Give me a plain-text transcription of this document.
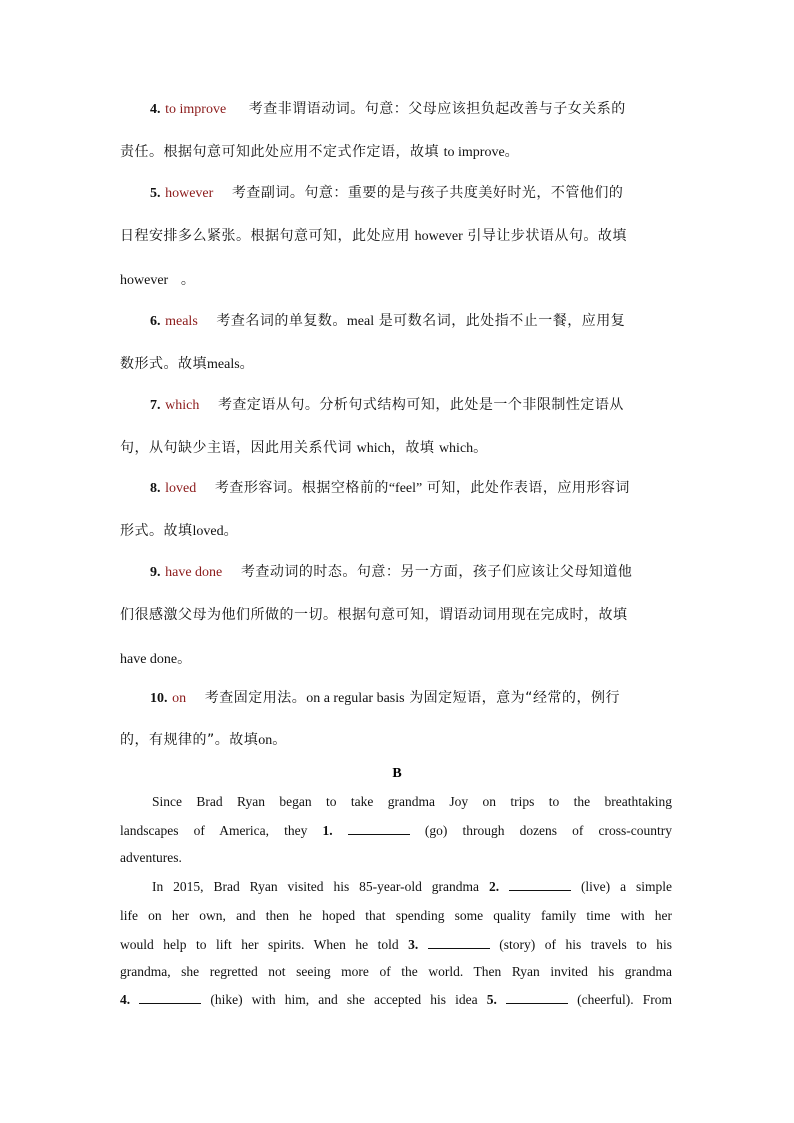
4. to improve 考查非谓语动词。句意：父母应该担负起改善与子女关系的
责任。根据句意可知此处应用不定式作定语，故填 to improve。
5. however 考查副词。句意：重要的是与孩子共度美好时光，不管他们的
日程安排多么紧张。根据句意可知，此处应用 however 引导让步状语从句。故填
however 。
6. meals 考查名词的单复数。meal 是可数名词，此处指不止一餐，应用复
数形式。故填meals。
7. which 考查定语从句。分析句式结构可知，此处是一个非限制性定语从
句，从句缺少主语，因此用关系代词 which，故填 which。
8. loved 考查形容词。根据空格前的“feel” 可知，此处作表语，应用形容词
形式。故填loved。
9. have done 考查动词的时态。句意：另一方面，孩子们应该让父母知道他
们很感激父母为他们所做的一切。根据句意可知，谓语动词用现在完成时，故填
have done。
10. on 考查固定用法。on a regular basis 为固定短语，意为“经常的，例行
的，有规律的”。故填on。
B
Since Brad Ryan began to take grandma Joy on trips to the breathtaking
landscapes of America, they 1.	(go) through dozens of cross-country
adventures.
In 2015, Brad Ryan visited his 85-year-old grandma 2.	(live) a simple
life on her own, and then he hoped that spending some quality family time with her
would help to lift her spirits. When he told 3.	(story) of his travels to his
grandma, she regretted not seeing more of the world. Then Ryan invited his grandma
4.	(hike) with him, and she accepted his idea 5.	(cheerful). From
